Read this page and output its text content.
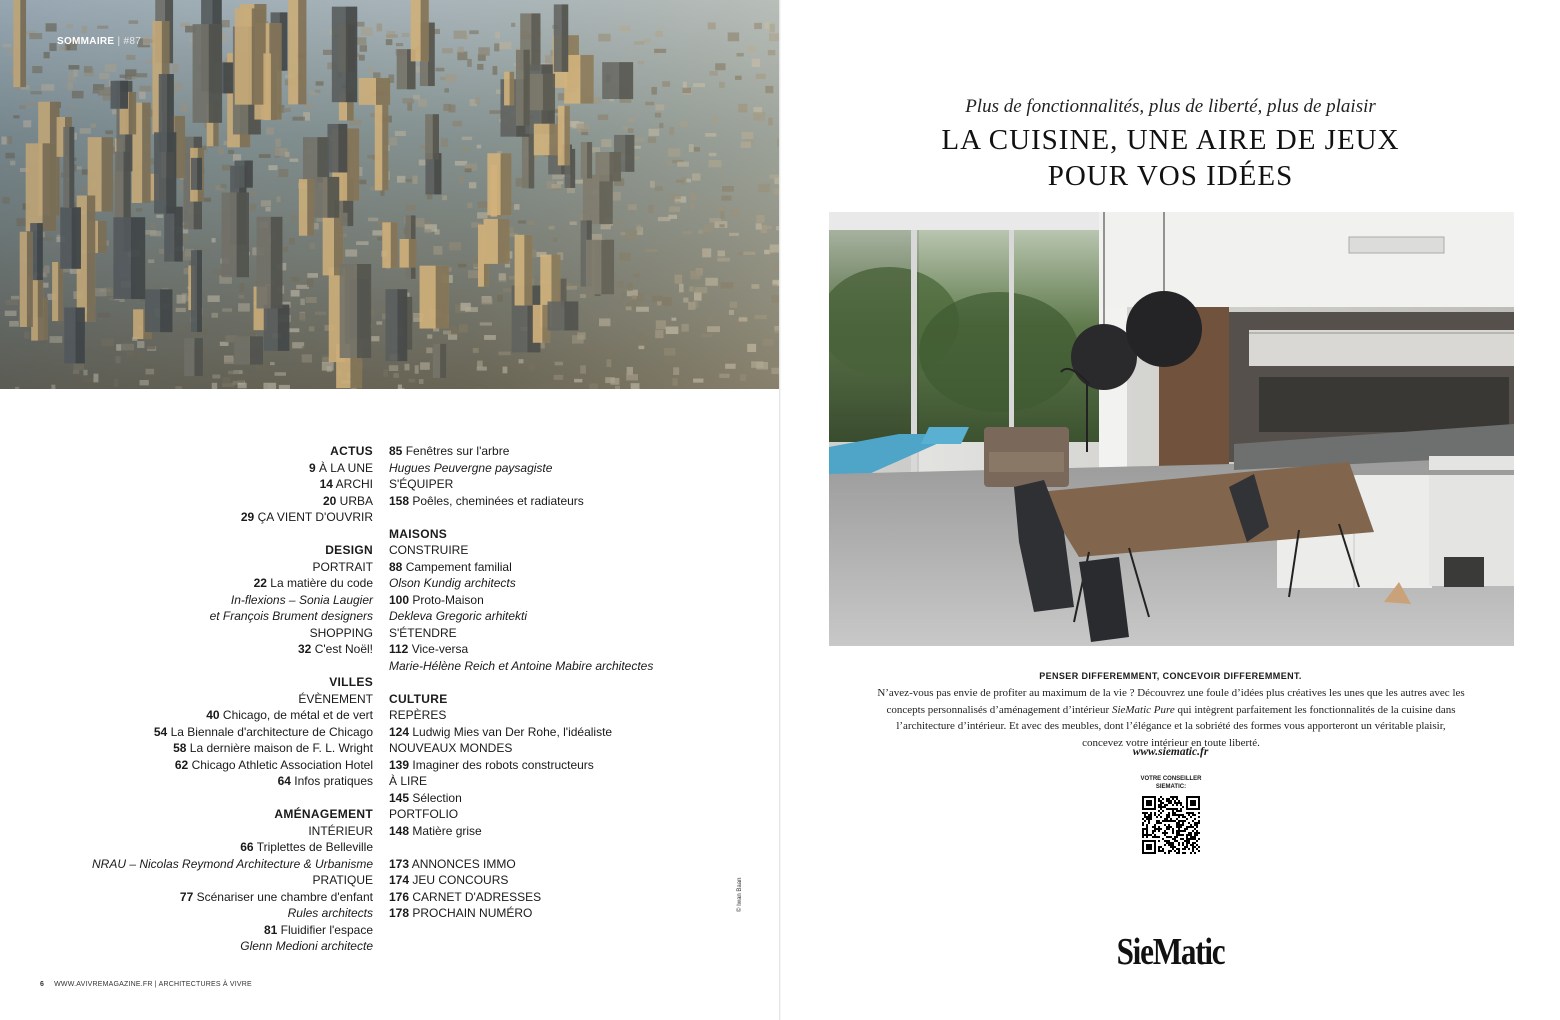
SOMMAIRE | #87
ACTUS
9 À LA UNE
14 ARCHI
20 URBA
29 ÇA VIENT D'OUVRIR
DESIGN
PORTRAIT
22 La matière du code
In-flexions – Sonia Laugier
et François Brument designers
SHOPPING
32 C'est Noël!
VILLES
ÉVÈNEMENT
40 Chicago, de métal et de vert
54 La Biennale d'architecture de Chicago
58 La dernière maison de F. L. Wright
62 Chicago Athletic Association Hotel
64 Infos pratiques
AMÉNAGEMENT
INTÉRIEUR
66 Triplettes de Belleville
NRAU – Nicolas Reymond Architecture & Urbanisme
PRATIQUE
77 Scénariser une chambre d'enfant
Rules architects
81 Fluidifier l'espace
Glenn Medioni architecte
85 Fenêtres sur l'arbre
Hugues Peuvergne paysagiste
S'ÉQUIPER
158 Poêles, cheminées et radiateurs
MAISONS
CONSTRUIRE
88 Campement familial
Olson Kundig architects
100 Proto-Maison
Dekleva Gregoric arhitekti
S'ÉTENDRE
112 Vice-versa
Marie-Hélène Reich et Antoine Mabire architectes
CULTURE
REPÈRES
124 Ludwig Mies van Der Rohe, l'idéaliste
NOUVEAUX MONDES
139 Imaginer des robots constructeurs
À LIRE
145 Sélection
PORTFOLIO
148 Matière grise
173 ANNONCES IMMO
174 JEU CONCOURS
176 CARNET D'ADRESSES
178 PROCHAIN NUMÉRO
© Iwan Baan
6 WWW.AVIVREMAGAZINE.FR | ARCHITECTURES À VIVRE
Plus de fonctionnalités, plus de liberté, plus de plaisir
LA CUISINE, UNE AIRE DE JEUX
POUR VOS IDÉES
PENSER DIFFEREMMENT, CONCEVOIR DIFFEREMMENT.
N’avez-vous pas envie de profiter au maximum de la vie ? Découvrez une foule d’idées plus créatives les unes que les autres avec les concepts personnalisés d’aménagement d’intérieur SieMatic Pure qui intègrent parfaitement les fonctionnalités de la cuisine dans l’architecture d’intérieur. Et avec des meubles, dont l’élégance et la sobriété des formes vous apporteront un véritable plaisir, concevez votre intérieur en toute liberté.
www.siematic.fr
VOTRE CONSEILLER
SIEMATIC:
SieMatic
